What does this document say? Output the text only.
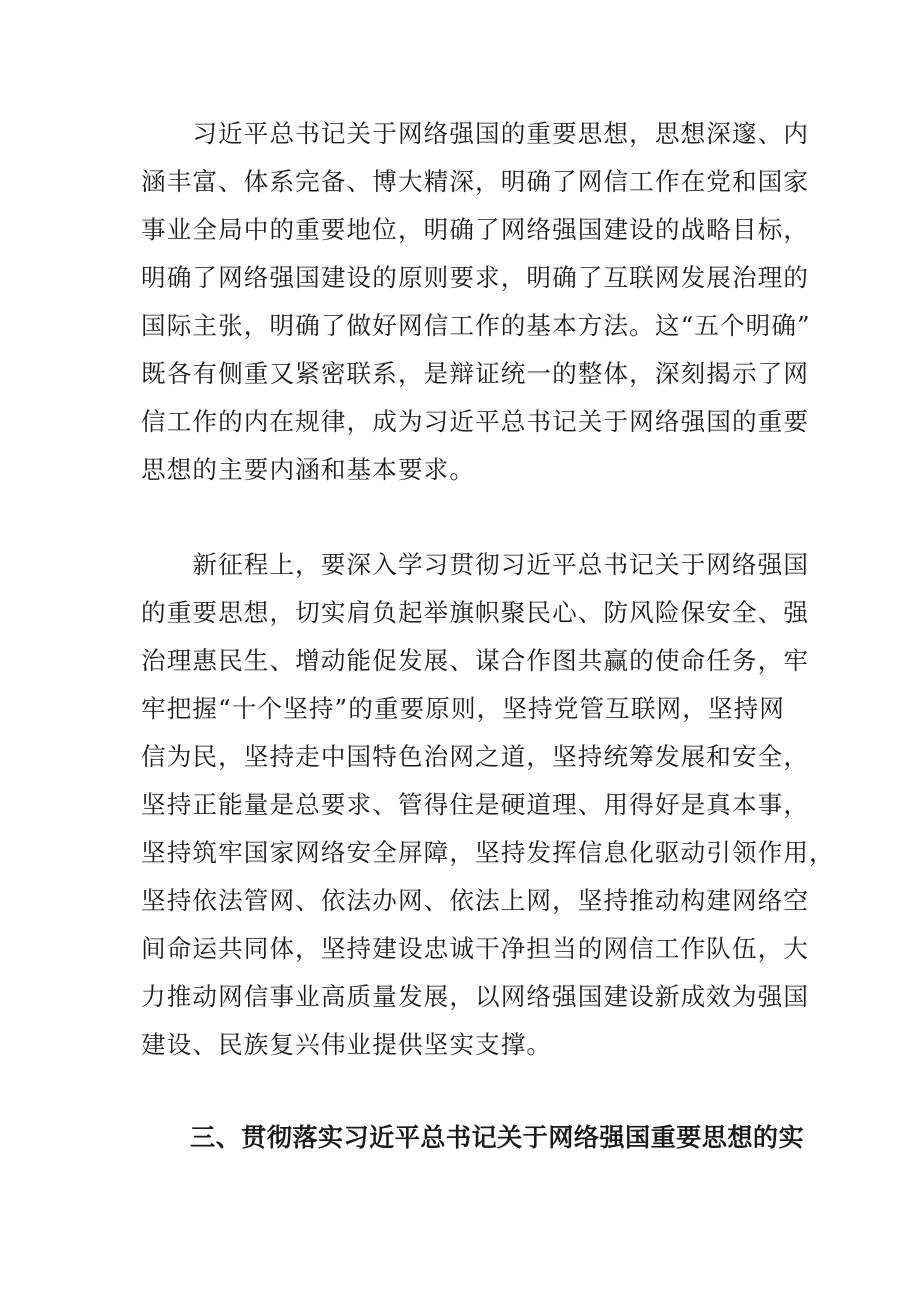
　　习近平总书记关于网络强国的重要思想，思想深邃、内
涵丰富、体系完备、博大精深，明确了网信工作在党和国家
事业全局中的重要地位，明确了网络强国建设的战略目标，
明确了网络强国建设的原则要求，明确了互联网发展治理的
国际主张，明确了做好网信工作的基本方法。这“五个明确”
既各有侧重又紧密联系，是辩证统一的整体，深刻揭示了网
信工作的内在规律，成为习近平总书记关于网络强国的重要
思想的主要内涵和基本要求。

　　新征程上，要深入学习贯彻习近平总书记关于网络强国
的重要思想，切实肩负起举旗帜聚民心、防风险保安全、强
治理惠民生、增动能促发展、谋合作图共赢的使命任务，牢
牢把握“十个坚持”的重要原则，坚持党管互联网，坚持网
信为民，坚持走中国特色治网之道，坚持统筹发展和安全，
坚持正能量是总要求、管得住是硬道理、用得好是真本事，
坚持筑牢国家网络安全屏障，坚持发挥信息化驱动引领作用，
坚持依法管网、依法办网、依法上网，坚持推动构建网络空
间命运共同体，坚持建设忠诚干净担当的网信工作队伍，大
力推动网信事业高质量发展，以网络强国建设新成效为强国
建设、民族复兴伟业提供坚实支撑。

三、贯彻落实习近平总书记关于网络强国重要思想的实
